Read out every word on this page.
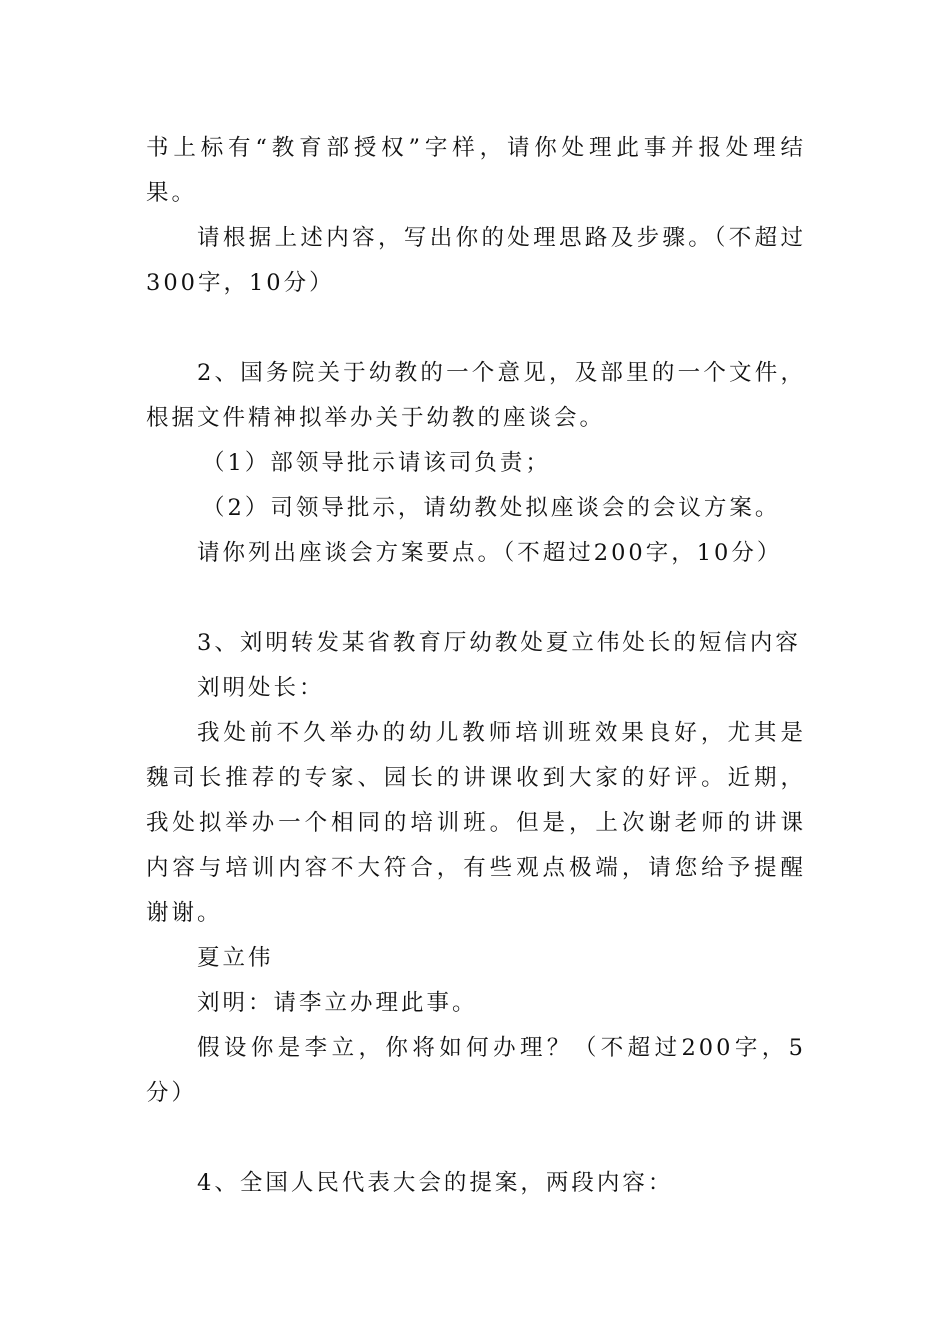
书上标有“教育部授权”字样，请你处理此事并报处理结果。

请根据上述内容，写出你的处理思路及步骤。（不超过300字，10分）

2、国务院关于幼教的一个意见，及部里的一个文件，根据文件精神拟举办关于幼教的座谈会。

（1）部领导批示请该司负责；

（2）司领导批示，请幼教处拟座谈会的会议方案。

请你列出座谈会方案要点。（不超过200字，10分）

3、刘明转发某省教育厅幼教处夏立伟处长的短信内容

刘明处长：

我处前不久举办的幼儿教师培训班效果良好，尤其是魏司长推荐的专家、园长的讲课收到大家的好评。近期，我处拟举办一个相同的培训班。但是，上次谢老师的讲课内容与培训内容不大符合，有些观点极端，请您给予提醒谢谢。

夏立伟

刘明：请李立办理此事。

假设你是李立，你将如何办理？（不超过200字，5分）

4、全国人民代表大会的提案，两段内容：
